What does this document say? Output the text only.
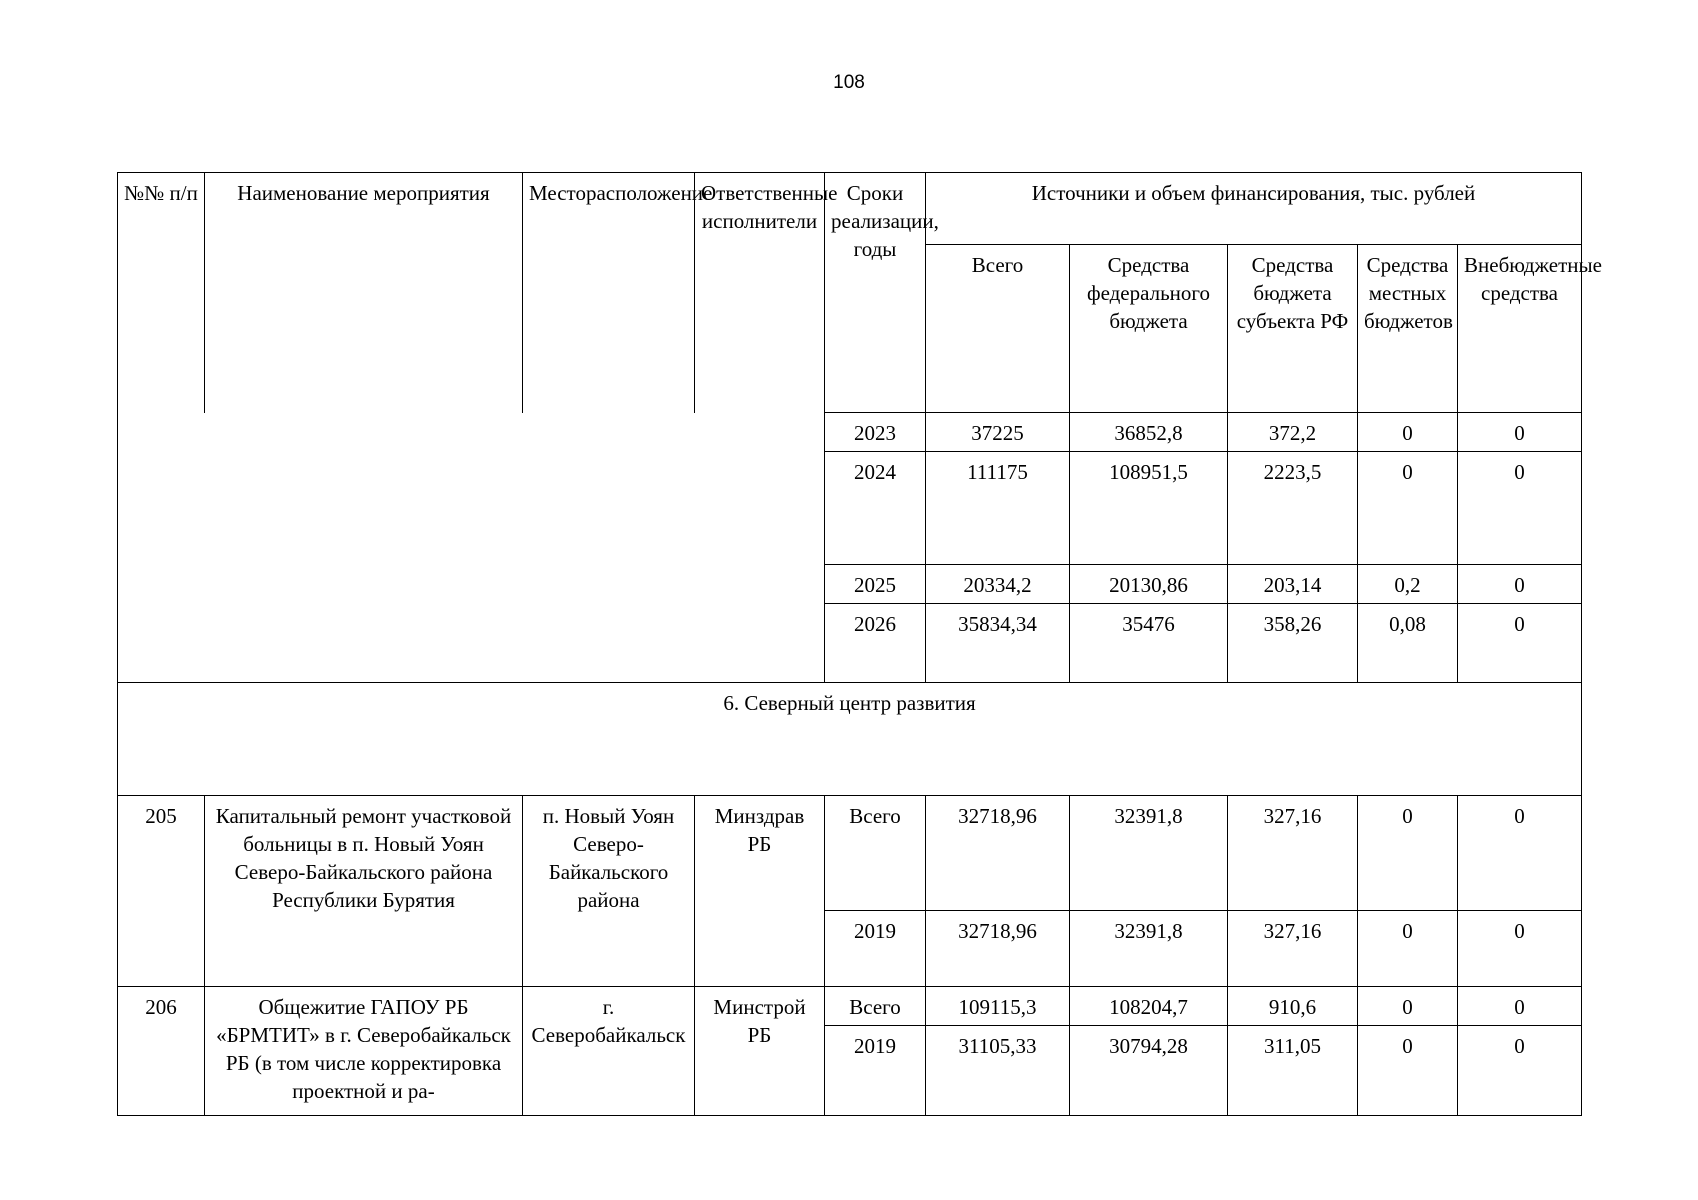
108
№№ п/п	Наименование мероприятия	Месторасположение	Ответственные исполнители	Сроки реализации, годы	Источники и объем финансирования, тыс. рублей				
					Всего	Средства федерального бюджета	Средства бюджета субъекта РФ	Средства местных бюджетов	Внебюджетные средства
				2023	37225	36852,8	372,2	0	0
				2024	111175	108951,5	2223,5	0	0
				2025	20334,2	20130,86	203,14	0,2	0
				2026	35834,34	35476	358,26	0,08	0
6. Северный центр развития									
205	Капитальный ремонт участковой больницы в п. Новый Уоян Северо-Байкальского района Республики Бурятия	п. Новый Уоян Северо-Байкальского района	Минздрав РБ	Всего	32718,96	32391,8	327,16	0	0
				2019	32718,96	32391,8	327,16	0	0
206	Общежитие ГАПОУ РБ «БРМТИТ» в г. Северобайкальск РБ (в том числе корректировка проектной и ра-	г. Северобайкальск	Минстрой РБ	Всего	109115,3	108204,7	910,6	0	0
				2019	31105,33	30794,28	311,05	0	0
